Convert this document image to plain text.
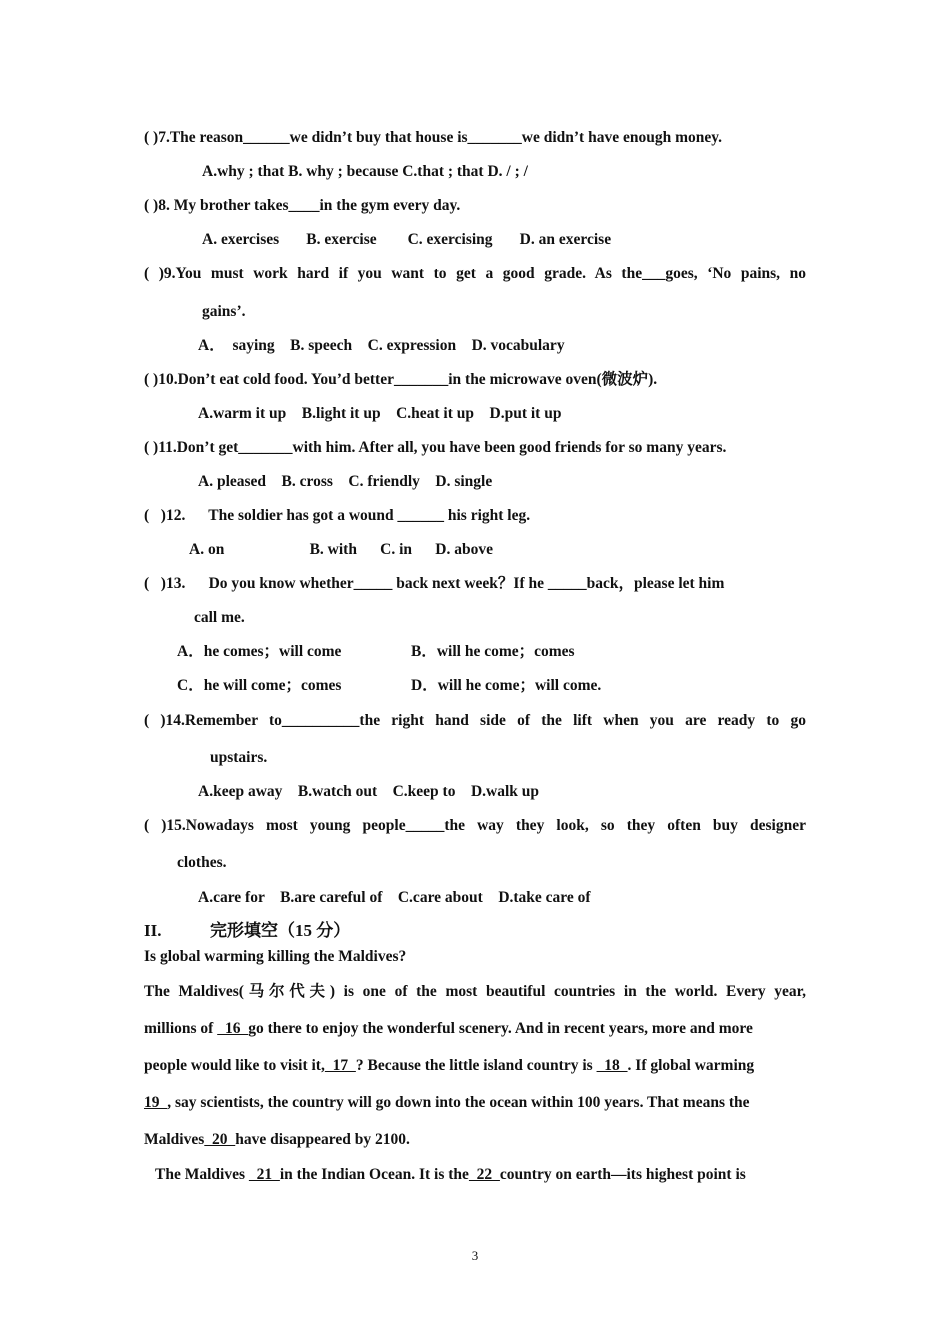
( )7.The reason______we didn’t buy that house is_______we didn’t have enough money.
A.why ; that B. why ; because C.that ; that D. / ; /
( )8. My brother takes____in the gym every day.
A. exercises       B. exercise        C. exercising       D. an exercise
( )9.You must work hard if you want to get a good grade. As the___goes, ‘No pains, no
gains’.
A．  saying    B. speech    C. expression    D. vocabulary
( )10.Don’t eat cold food. You’d better_______in the microwave oven(微波炉).
A.warm it up    B.light it up    C.heat it up    D.put it up
( )11.Don’t get_______with him. After all, you have been good friends for so many years.
A. pleased    B. cross    C. friendly    D. single
(   )12.      The soldier has got a wound ______ his right leg.
A. on                      B. with      C. in      D. above
(   )13.      Do you know whether_____ back next week？If he _____back，please let him
call me.
A．he comes；will come	B．will he come；comes
C．he will come；comes	D．will he come；will come.
( )14.Remember to__________the right hand side of the lift when you are ready to go
upstairs.
A.keep away    B.watch out    C.keep to    D.walk up
( )15.Nowadays most young people_____the way they look, so they often buy designer
clothes.
A.care for    B.are careful of    C.care about    D.take care of
II.	完形填空（15 分）
Is global warming killing the Maldives?
The Maldives(马尔代夫) is one of the most beautiful countries in the world. Every year,
millions of   16  go there to enjoy the wonderful scenery. And in recent years, more and more
people would like to visit it,  17  ? Because the little island country is   18  . If global warming
19  , say scientists, the country will go down into the ocean within 100 years. That means the
Maldives  20  have disappeared by 2100.
The Maldives   21  in the Indian Ocean. It is the  22  country on earth—its highest point is
3
